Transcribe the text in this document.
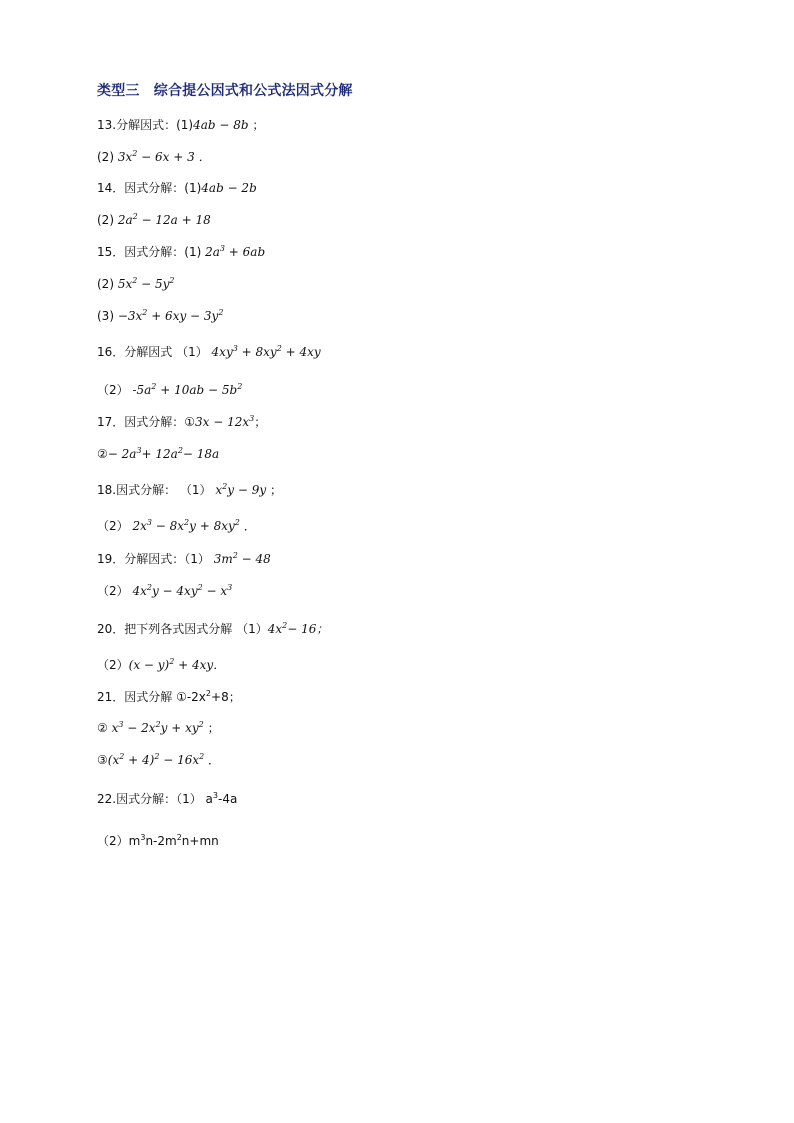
类型三　综合提公因式和公式法因式分解
13.分解因式：(1)4ab − 8b ；
(2) $3x^2 - 6x + 3$ ．
14．因式分解：(1)4ab − 2b
(2) $2a^2 - 12a + 18$
15．因式分解：(1) $2a^3 + 6ab$
(2) $5x^2 - 5y^2$
$(3) -3x^2 + 6xy - 3y^2$
16．分解因式 （1） $4xy^3 + 8xy^2 + 4xy$
（2） $-5a^2 + 10ab - 5b^2$
17．因式分解：①3x − $12x^3$；
②− $2a^3+ 12a^2- 18a$
18.因式分解： （1） $x^2y - 9y$ ；
（2） $2x^3 - 8x^2y + 8xy^2$ ．
19．分解因式：（1） $3m^2 - 48$
（2） $4x^2y - 4xy^2 - x^3$
20．把下列各式因式分解 $(1)4x^2- 16$；
$(2)(x - y)^2 + 4xy$．
21．因式分解 $①-2x^2+8$；
② $x^3 - 2x^2y + xy^2$ ；
$③(x^2 + 4)^2 - 16x^2$ ．
22.因式分解：（1） $a^3-4a$
$(2)m^3n-2m^2n+mn$
